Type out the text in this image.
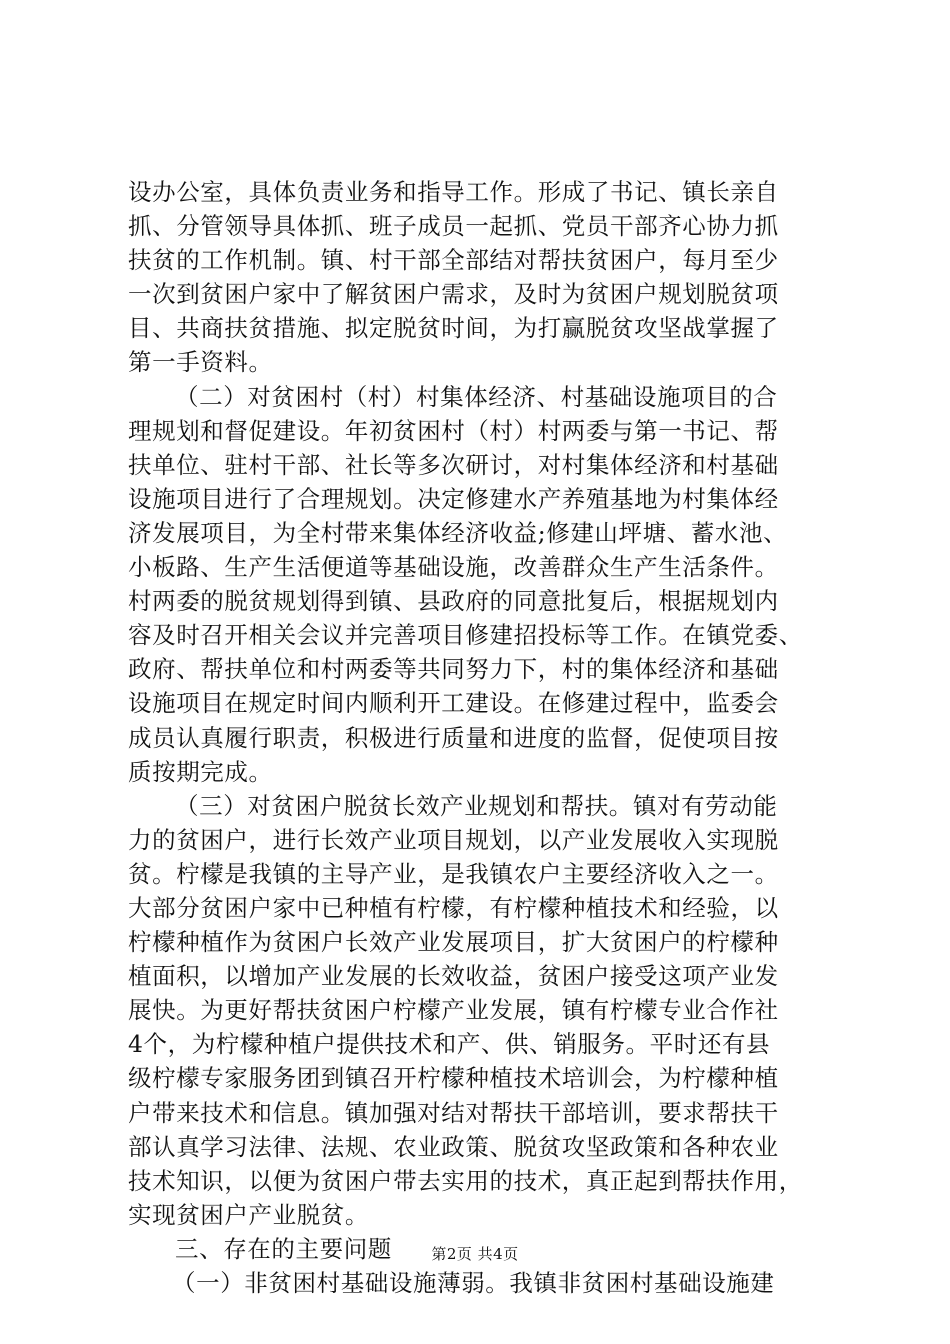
设办公室，具体负责业务和指导工作。形成了书记、镇长亲自
抓、分管领导具体抓、班子成员一起抓、党员干部齐心协力抓
扶贫的工作机制。镇、村干部全部结对帮扶贫困户，每月至少
一次到贫困户家中了解贫困户需求，及时为贫困户规划脱贫项
目、共商扶贫措施、拟定脱贫时间，为打赢脱贫攻坚战掌握了
第一手资料。
（二）对贫困村（村）村集体经济、村基础设施项目的合
理规划和督促建设。年初贫困村（村）村两委与第一书记、帮
扶单位、驻村干部、社长等多次研讨，对村集体经济和村基础
设施项目进行了合理规划。决定修建水产养殖基地为村集体经
济发展项目，为全村带来集体经济收益;修建山坪塘、蓄水池、
小板路、生产生活便道等基础设施，改善群众生产生活条件。
村两委的脱贫规划得到镇、县政府的同意批复后，根据规划内
容及时召开相关会议并完善项目修建招投标等工作。在镇党委、
政府、帮扶单位和村两委等共同努力下，村的集体经济和基础
设施项目在规定时间内顺利开工建设。在修建过程中，监委会
成员认真履行职责，积极进行质量和进度的监督，促使项目按
质按期完成。
（三）对贫困户脱贫长效产业规划和帮扶。镇对有劳动能
力的贫困户，进行长效产业项目规划，以产业发展收入实现脱
贫。柠檬是我镇的主导产业，是我镇农户主要经济收入之一。
大部分贫困户家中已种植有柠檬，有柠檬种植技术和经验，以
柠檬种植作为贫困户长效产业发展项目，扩大贫困户的柠檬种
植面积，以增加产业发展的长效收益，贫困户接受这项产业发
展快。为更好帮扶贫困户柠檬产业发展，镇有柠檬专业合作社
4个，为柠檬种植户提供技术和产、供、销服务。平时还有县
级柠檬专家服务团到镇召开柠檬种植技术培训会，为柠檬种植
户带来技术和信息。镇加强对结对帮扶干部培训，要求帮扶干
部认真学习法律、法规、农业政策、脱贫攻坚政策和各种农业
技术知识，以便为贫困户带去实用的技术，真正起到帮扶作用，
实现贫困户产业脱贫。
三、存在的主要问题
（一）非贫困村基础设施薄弱。我镇非贫困村基础设施建
第2页 共4页
